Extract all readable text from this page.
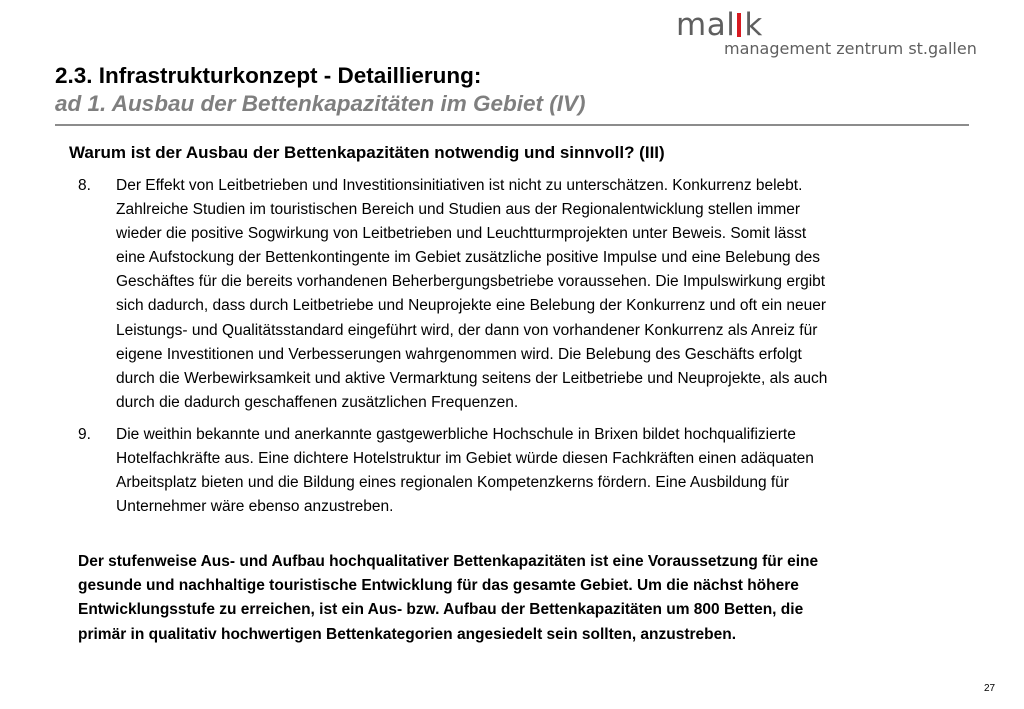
mal k
management zentrum st.gallen
2.3. Infrastrukturkonzept - Detaillierung:
ad 1. Ausbau der Bettenkapazitäten im Gebiet (IV)
Warum ist der Ausbau der Bettenkapazitäten notwendig und sinnvoll? (III)
8. Der Effekt von Leitbetrieben und Investitionsinitiativen ist nicht zu unterschätzen. Konkurrenz belebt.
Zahlreiche Studien im touristischen Bereich und Studien aus der Regionalentwicklung stellen immer
wieder die positive Sogwirkung von Leitbetrieben und Leuchtturmprojekten unter Beweis. Somit lässt
eine Aufstockung der Bettenkontingente im Gebiet zusätzliche positive Impulse und eine Belebung des
Geschäftes für die bereits vorhandenen Beherbergungsbetriebe voraussehen. Die Impulswirkung ergibt
sich dadurch, dass durch Leitbetriebe und Neuprojekte eine Belebung der Konkurrenz und oft ein neuer
Leistungs- und Qualitätsstandard eingeführt wird, der dann von vorhandener Konkurrenz als Anreiz für
eigene Investitionen und Verbesserungen wahrgenommen wird. Die Belebung des Geschäfts erfolgt
durch die Werbewirksamkeit und aktive Vermarktung seitens der Leitbetriebe und Neuprojekte, als auch
durch die dadurch geschaffenen zusätzlichen Frequenzen.
9. Die weithin bekannte und anerkannte gastgewerbliche Hochschule in Brixen bildet hochqualifizierte
Hotelfachkräfte aus. Eine dichtere Hotelstruktur im Gebiet würde diesen Fachkräften einen adäquaten
Arbeitsplatz bieten und die Bildung eines regionalen Kompetenzkerns fördern. Eine Ausbildung für
Unternehmer wäre ebenso anzustreben.
Der stufenweise Aus- und Aufbau hochqualitativer Bettenkapazitäten ist eine Voraussetzung für eine
gesunde und nachhaltige touristische Entwicklung für das gesamte Gebiet. Um die nächst höhere
Entwicklungsstufe zu erreichen, ist ein Aus- bzw. Aufbau der Bettenkapazitäten um 800 Betten, die
primär in qualitativ hochwertigen Bettenkategorien angesiedelt sein sollten, anzustreben.
27
